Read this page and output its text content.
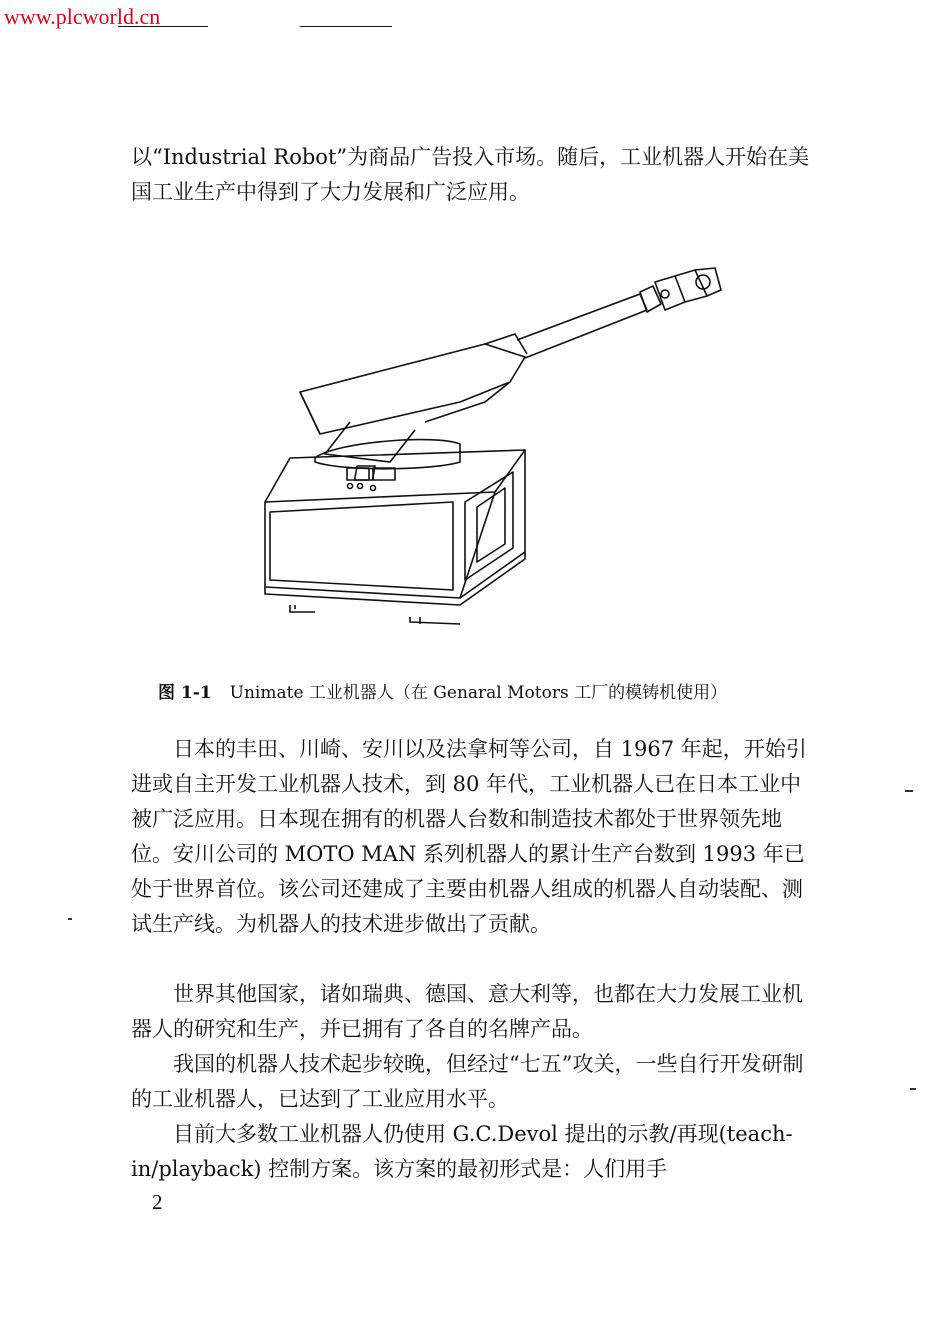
www.plcworld.cn

以“Industrial Robot”为商品广告投入市场。随后，工业机器人开始在美国工业生产中得到了大力发展和广泛应用。

图 1-1 Unimate 工业机器人（在 Genaral Motors 工厂的模铸机使用）

　　日本的丰田、川崎、安川以及法拿柯等公司，自 1967 年起，开始引进或自主开发工业机器人技术，到 80 年代，工业机器人已在日本工业中被广泛应用。日本现在拥有的机器人台数和制造技术都处于世界领先地位。安川公司的 MOTO MAN 系列机器人的累计生产台数到 1993 年已处于世界首位。该公司还建成了主要由机器人组成的机器人自动装配、测试生产线。为机器人的技术进步做出了贡献。

　　世界其他国家，诸如瑞典、德国、意大利等，也都在大力发展工业机器人的研究和生产，并已拥有了各自的名牌产品。

　　我国的机器人技术起步较晚，但经过“七五”攻关，一些自行开发研制的工业机器人，已达到了工业应用水平。

　　目前大多数工业机器人仍使用 G.C.Devol 提出的示教/再现(teach-in/playback) 控制方案。该方案的最初形式是：人们用手

2
